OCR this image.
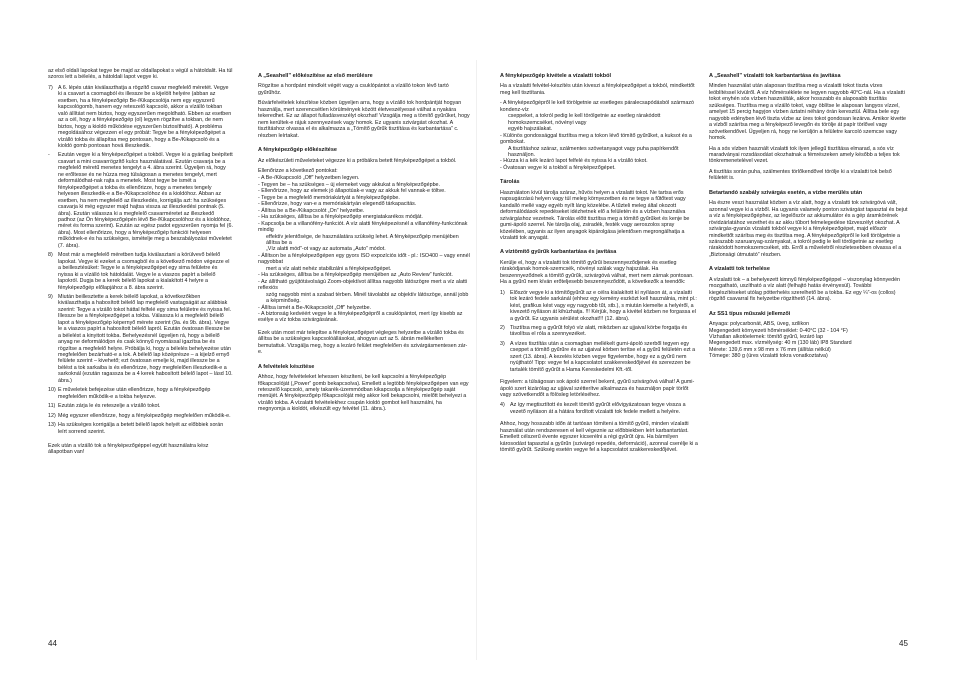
az első oldali lapokat tegye be majd az oldallapokat s végül a hátoldalit. Ha túl szoros lett a bélelés, a hátoldali lapot vegye ki.

7) A 6. lépés után kiválaszthatja a rögzítő csavar megfelelő méretét. Vegye ki a csavart a csomagból és illessze be a kijelölt helyére (abban az esetben, ha a fényképezőgép Be-/Kikapcsolója nem egy egyszerű kapcsológomb, hanem egy reteszelő kapcsoló, akkor a vízálló tokban való állítást nem biztos, hogy egyszerűen megoldható. Ebben az esetben az a cél, hogy a fényképezőgép (ol) legyen rögzítve a tokban, de nem biztos, hogy a kioldó működése egyszerűen biztosítható). A probléma megoldásához végezzen el egy próbát: Tegye be a fényképezőgépet a vízálló tokba és állapítsa meg pontosan, hogy a Be-/Kikapcsoló és a kioldó gomb pontosan hová illeszkedik.
-	Ezután vegye ki a fényképezőgépet a tokból. Vegye ki a gyárilag beépített csavart a mini csavarrögzítő kulcs használatával. Ezután csavarja be a megfelelő méretű menetes tengelyt a 4. ábra szerint. Ügyeljen rá, hogy ne erőltesse és ne húzza meg túlságosan a menetes tengelyt, mert deformálódhat-nak rajta a menetek. Most tegye be ismét a fényképezőgépet a tokba és ellenőrizze, hogy a menetes tengely helyesen illeszkedik-e a Be-/Kikapcsolóhoz és a kioldóhoz. Abban az esetben, ha nem megfelelő az illeszkedés, korrigálja azt: ha szükséges csavarja ki még egyszer majd hajtsa vissza az illeszkedési pontnak (5. ábra). Ezután válassza ki a megfelelő csavarméretet az illeszkedő padhoz (az Ön fényképezőgépén lévő Be-/Kikapcsolóhoz és a kioldóhoz, méret és forma szerint). Ezután az egész padot egyszerűen nyomja fel (6. ábra). Most ellenőrizze, hogy a fényképezőgép funkciói helyesen működnek-e és ha szükséges, ismételje meg a beszabályozási műveletet (7. ábra).
8) Most már a megfelelő méretben tudja kiválasztani a körülvevő bélelő lapokat. Vegye ki ezeket a csomagból és a következő módon végezze el a beillesztésüket: Tegye le a fényképezőgépet egy sima felületre és nyissa ki a vízálló tok hátoldalát. Vegye le a viaszos papírt a bélelő lapokról. Dugja be a kerek bélelő lapokat a kialakított 4 helyre a fényképezőgép előlapjához a 8. ábra szerint.
9) Miután beillesztette a kerek bélelő lapokat, a következőkben kiválaszthatja a habosított bélelő lap megfelelő vastagságát az alábbiak szerint: Tegye a vízálló tokot háttal felfelé egy sima felületre és nyissa fel. Illessze be a fényképezőgépet a tokba. Válassza ki a megfelelő bélelő lapot a fényképezőgép képernyő mérete szerint (9a. és 9b. ábra). Vegye le a viaszos papírt a habosított bélelő lapról. Ezután óvatosan illessze be a bélelést a kinyitott tokba. Behelyezésnél ügyeljen rá, hogy a bélelő anyag ne deformálódjon és csak könnyű nyomással igazítsa be és rögzítse a megfelelő helyre. Próbálja ki, hogy a bélelés behelyezése után megfelelően bezárható-e a tok. A bélelő lap középrésze – a kijelző ernyő felülete szerint – kivehető; ezt óvatosan emelje ki, majd illessze be a bélést a tok sarkaiba is és ellenőrizze, hogy megfelelően illeszkedik-e a sarkoknál (ezután ragassza be a 4 kerek habosított bélelő lapot – lásd 10. ábra.)
10) E műveletek befejezése után ellenőrizze, hogy a fényképezőgép megfelelően működik-e a tokba helyezve.
11) Ezután zárja le és reteszelje a vízálló tokot.
12) Még egyszer ellenőrizze, hogy a fényképezőgép megfelelően működik-e.
13) Ha szükséges korrigálja a betett bélelő lapok helyét az előbbiek során leírt sorrend szerint.

Ezek után a vízálló tok a fényképezőgéppel együtt használatra kész állapotban van!

A „Seashell” előkészítése az első merülésre

Rögzítse a hordpánt mindkét végét vagy a csuklópántot a vízálló tokon lévő tartó gyűrűhöz.

Búvárfelvételek készítése közben ügyeljen arra, hogy a vízálló tok hordpántját hogyan használja, mert szerencsétlen körülmények között életveszélyessé válhat a nyakára tekeredhet. Ez az állapot fulladásveszélyt okozhat! Vizsgálja meg a tömítő gyűrűket, hogy nem kerültek-e rájuk szennyezések vagy homok. Ez ugyanis szivárgást okozhat. A tisztításhoz olvassa el és alkalmazza a „Tömítő gyűrűk tisztítása és karbantartása” c. részben leírtakat.

A fényképezőgép előkészítése

Az előkészületi műveleteket végezze ki a próbákra betett fényképezőgépet a tokból.

Ellenőrizze a következő pontokat:

- A Be-/Kikapcsoló „Off” helyzetben legyen.
- Tegyen be – ha szükséges – új elemeket vagy akkukat a fényképezőgépbe.
- Ellenőrizze, hogy az elemek jó állapotúak-e vagy az akkuk fel vannak-e töltve.
- Tegye be a megfelelő memóriakártyát a fényképezőgépbe.
- Ellenőrizze, hogy van-e a memóriakártyán elegendő tárkapacitás.
- Állítsa be a Be-/Kikapcsolót „On” helyzetbe.
- Ha szükséges, állítsa be a fényképezőgép energiatakarékos módját.
- Kapcsolja be a villanófény-funkciót. A víz alatti fényképezésnél a villanófény-funkciónak mindig
effektív jelentősége, de használatára szükség lehet. A fényképezőgép menüjében állítsa be a
„Víz alatti mód”-ot vagy az automata „Auto” módot.
- Állítson be a fényképezőgépen egy gyors ISO expozíciós időt - pl.: ISO400 – vagy ennél nagyobbat
mert a víz alatt nehéz stabilizálni a fényképezőgépet.
- Ha szükséges, állítsa be a fényképezőgép menüjében az „Auto Review” funkciót.
- Az állítható gyújtótávolságú Zoom-objektívot állítsa nagyobb látószögre mert a víz alatti reflexiós
szög nagyobb mint a szabad térben. Minél távolabbi az objektív látószöge, annál jobb a képminőség.
- Állítsa ismét a Be-/Kikapcsolót „Off” helyzetbe.
- A biztonság kedvéért vegye le a fényképezőgépről a csuklópántot, mert így kisebb az esélye a víz tokba szivárgásának.

Ezek után most már telepítse a fényképezőgépet végleges helyzetbe a vízálló tokba és állítsa be a szükséges kapcsolóállásokat, ahogyan azt az 5. ábrán mellékelten bemutattuk. Vizsgálja meg, hogy a lezáró felület megfelelően és szivárgásmentesen zár-e.

A felvételek készítése

Ahhoz, hogy felvételeket lehessen készíteni, be kell kapcsolni a fényképezőgép főkapcsolóját („Power” gomb bekapcsolva). Emellett a legtöbb fényképezőgépen van egy reteszelő kapcsoló, amely takarék-üzemmódban kikapcsolja a fényképezőgép saját menüjét. A fényképezőgép főkapcsolóját még akkor kell bekapcsolni, mielőtt behelyezi a vízálló tokba. A vízalatti felvételekhez csupán kioldó gombot kell használni, ha megnyomja a kioldót, elkészült egy felvétel (11. ábra.).

A fényképezőgép kivétele a vízalatti tokból

Ha a vízalatti felvétel-készítés után kiveszi a fényképezőgépet a tokból, mindkettőt meg kell tisztítania.

- A fényképezőgépről le kell törölgetnie az esetleges páralecsapódásból származó kondenz-víz
cseppeket, a tokról pedig le kell törölgetnie az esetleg rárakódott homokszemcséket, növényi vagy
egyéb hajszálakat.
- Különös gondossággal tisztítsa meg a tokon lévő tömítő gyűrűket, a kuksot és a gombokat.
A tisztításhoz száraz, szálmentes szövetanyagot vagy puha papírkendőt használjon.
- Húzza ki a kék lezáró lapot felfelé és nyissa ki a vízálló tokot.
- Óvatosan vegye ki a tokból a fényképezőgépet.
Tárolás

Használaton kívül tárolja száraz, hűvös helyen a vízalatti tokot. Ne tartsa erős napsugárzású helyen vagy túl meleg környezetben és ne tegye a fűtőtest vagy kandalló mellé vagy egyéb nyílt láng közelébe. A tűzteli meleg által okozott deformálódások repedéseket idézhetnek elő a felületén és a vízben használva szivárgáshoz vezetnek. Tárolás előtt tisztítsa meg a tömítő gyűrűket és kenje be gumi-ápoló szerrel. Ne tárolja olaj, zsiradék, festék vagy aeroszolos spray közelében, ugyanis az ilyen anyagok kipárolgása jelentősen megrongálhatja a vízalatti tok anyagát.

A víztömítő gyűrűk karbantartása és javítása

Kerülje el, hogy a vízalatti tok tömítő gyűrűi beszennyeződjenek és esetleg rárakódjanak homok-szemcsék, növényi szálak vagy hajszálak. Ha beszennyeződnek a tömítő gyűrűk, szivárgóvá válhat, mert nem zárnak pontosan. Ha a gyűrű nem kíván erőteljesebb beszennyeződött, a következők a teendők:

1) Először vegye ki a tömítőgyűrűt az e célra kialakított kí nyíláson át, a vízalatti tok lezáró fedele sarkánál (ehhez egy kemény eszközt kell használnia, mint pl.: kést, grafikus kést vagy egy nagyobb tűt, stb.), s miután kiemelte a helyéről, a kivezető nyíláson át kihúzhatja. !!! Kérjük, hogy a kivétel közben ne forgassa el a gyűrűt. Ez ugyanis sérülést okozhat!!! (12. ábra).
2) Tisztítsa meg a gyűrűt folyó víz alatt, miközben az ujjaival körbe forgatja és távolítsa el róla a szennyezéket.
3) A vízes tisztítás után a csomagban mellékelt gumi-ápoló szerből tegyen egy cseppet a tömítő gyűrűre és az ujjaival körben terítse el a gyűrű felületén ezt a szert (13. ábra). A kezelés közben vegye figyelembe, hogy ez a gyűrű nem nyújtható! Tipp: vegye fel a kapcsolatot szakkereskedőjével és szerezzen be tartalék tömítő gyűrűt a Hama Kereskedelmi Kft.-től.

Figyelem: a túlságosan sok ápoló szerrel bekent, gyűrű szivárgóvá válhat! A gumi-ápoló szert kizárólag az ujjával szétterítve alkalmazza és használjon papír törlőt vagy szövetkendőt a fölösleg letörléséhez.

4) Az így megtisztított és kezelt tömítő gyűrűt elővigyázatosan tegye vissza a vezető nyíláson át a hátára fordított vízalatti tok fedele mellett a helyére.

Ahhoz, hogy hosszabb időn át tartósan tömíteni a tömítő gyűrű, minden vízalatti használat után rendszeresen el kell végeznie az előbbiekben leírt karbantartást. Emellett célszerű évente egyszer kicserélni a régi gyűrűt újra. Ha bármilyen károsodást tapasztal a gyűrűn (szivárgó repedés, deformáció), azonnal cserélje ki a tömítő gyűrűt. Szükség esetén vegye fel a kapcsolatot szakkereskedőjével.

A „Seashell” vízalatti tok karbantartása és javítása

Minden használat után alaposan tisztítsa meg a vízalatti tokot tiszta vízes leöblítéssel kívülről. A víz hőmérséklete ne legyen nagyobb 40°C-nál. Ha a vízalatti tokot enyhén sós vízben használták, akkor hosszabb és alaposabb tisztítás szükséges. Tisztítsa meg a vízálló tokot, vagy öblítse le alaposan langyos vízzel, amelyet 15 percig hagyjon vízben áztatni néhány órán keresztül. Állítsa bele egy nagyobb edényben lévő tiszta vízbe az üres tokot gondosan lezárva. Amikor kivette a vízből szárítsa meg a fényképező levegőn és törölje át papír törlővel vagy szövetkendővel. Ügyeljen rá, hogy ne kerüljön a felületre karcoló szemcse vagy homok.

Ha a sós vízben használt vízalatti tok ilyen jellegű tisztítása elmarad, a sós víz maradványai rozsdásodást okozhatnak a fémrészeken amely később a teljes tok tönkremenetelével vezet.

A tisztítás során puha, szálmentes törlőkendővel törölje ki a vízalatti tok belső felületét is.

Betartandó szabály szivárgás esetén, a vízbe merülés után

Ha észre veszi használat közben a víz alatt, hogy a vízalatti tok szivárgóvá vált, azonnal vegye ki a vízből. Ha ugyanis valamely ponton szivárgást tapasztal és bejut a víz a fényképezőgéphez, az legelőször az akkumulátor és a gép áramkörének rövidzárlatához vezethet és az akku tűbort felmelegedése tűzveszélyt okozhat. A szivárgás-gyanús vízalatti tokból vegye ki a fényképezőgépet, majd először mindkettőt szárítsa meg és tisztítsa meg. A fényképezőgépről le kell törölgetnie a szárazabb szaruanyag-szárnyakat, a tokról pedig le kell törölgetnie az esetleg rárakódott homokszemcséket, stb. Erről a műveletről részletesebben olvassa el a „Biztonsági útmutató” részben.

A vízalatti tok terhelése

A vízalatti tok – a behelyezett kimnyű fényképezőgéppel – viszonylag könnyedén mozgatható, uszítható a víz alatt (felhajtó hatás érvényesül). További kiegészítéseket utólag pótterhelés szerelhető be a tokba. Ez egy ¼”-os (collos) rögzítő csavarral fix helyzetbe rögzíthető (14. ábra).

Az SS1 típus műszaki jellemzői
Anyaga: polycarbonát, ABS, üveg, szilikon
Megengedett környezeti hőmérséklet: 0-40°C (32 - 104 °F)
Vízhatlan alkotóelemek: tömítő gyűrű, lezáró lap
Megengedett max. vízmélység: 40 m (130 láb) IP8 Standard
Mérete: 139,6 mm x 98 mm x 76 mm (állítás nélkül)
Tömege: 380 g (üres vízalatti tokra vonatkoztatva)
44	45
